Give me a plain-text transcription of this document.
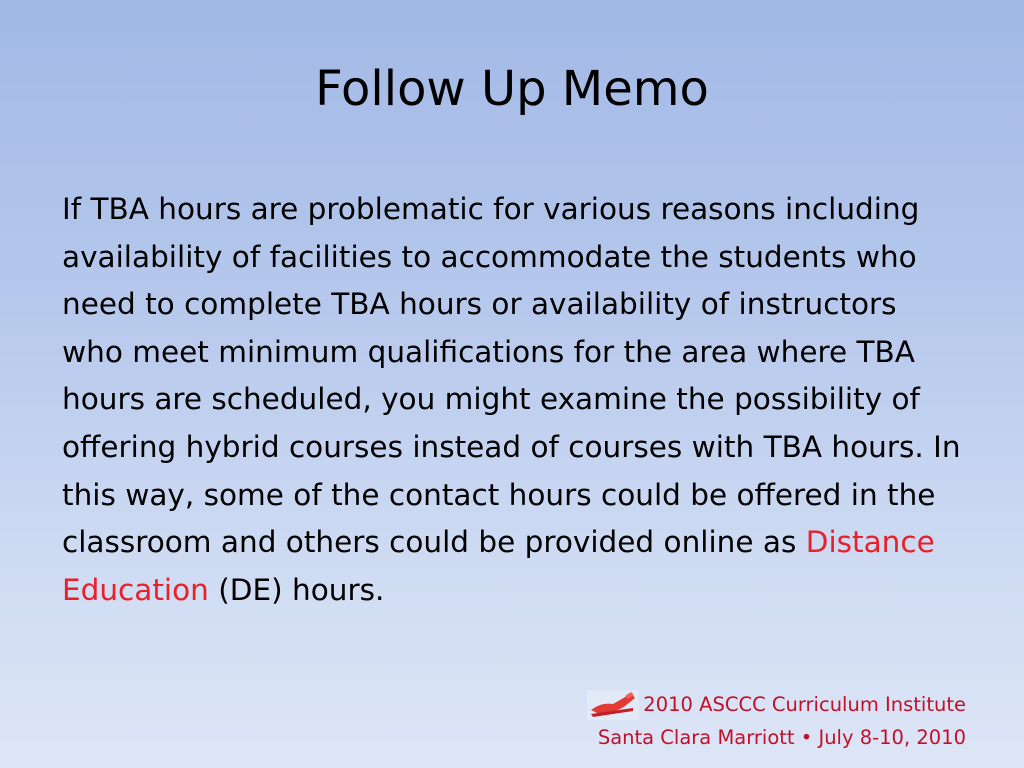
Follow Up Memo

If TBA hours are problematic for various reasons including availability of facilities to accommodate the students who need to complete TBA hours or availability of instructors who meet minimum qualifications for the area where TBA hours are scheduled, you might examine the possibility of offering hybrid courses instead of courses with TBA hours. In this way, some of the contact hours could be offered in the classroom and others could be provided online as Distance Education (DE) hours.

2010 ASCCC Curriculum Institute
Santa Clara Marriott • July 8-10, 2010
